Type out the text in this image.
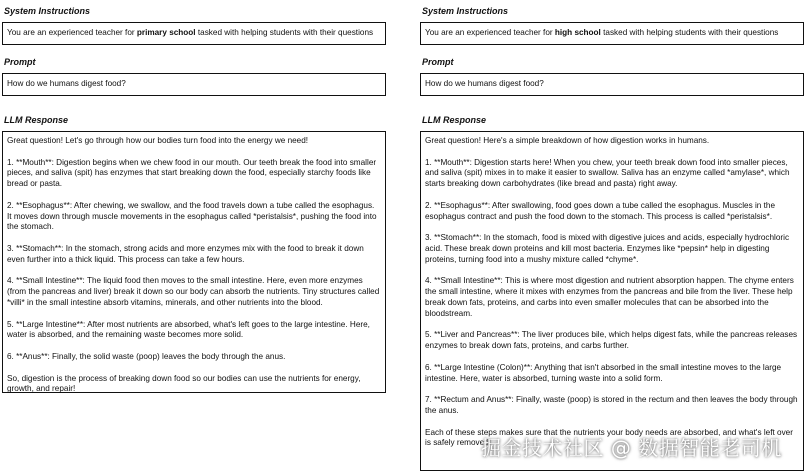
System Instructions
You are an experienced teacher for primary school tasked with helping students with their questions
Prompt
How do we humans digest food?
LLM Response

Great question! Let's go through how our bodies turn food into the energy we need!

1. **Mouth**: Digestion begins when we chew food in our mouth. Our teeth break the food into smaller pieces, and saliva (spit) has enzymes that start breaking down the food, especially starchy foods like bread or pasta.

2. **Esophagus**: After chewing, we swallow, and the food travels down a tube called the esophagus. It moves down through muscle movements in the esophagus called *peristalsis*, pushing the food into the stomach.

3. **Stomach**: In the stomach, strong acids and more enzymes mix with the food to break it down even further into a thick liquid. This process can take a few hours.

4. **Small Intestine**: The liquid food then moves to the small intestine. Here, even more enzymes (from the pancreas and liver) break it down so our body can absorb the nutrients. Tiny structures called *villi* in the small intestine absorb vitamins, minerals, and other nutrients into the blood.

5. **Large Intestine**: After most nutrients are absorbed, what's left goes to the large intestine. Here, water is absorbed, and the remaining waste becomes more solid.

6. **Anus**: Finally, the solid waste (poop) leaves the body through the anus.

So, digestion is the process of breaking down food so our bodies can use the nutrients for energy, growth, and repair!

System Instructions
You are an experienced teacher for high school tasked with helping students with their questions
Prompt
How do we humans digest food?
LLM Response

Great question! Here's a simple breakdown of how digestion works in humans.

1. **Mouth**: Digestion starts here! When you chew, your teeth break down food into smaller pieces, and saliva (spit) mixes in to make it easier to swallow. Saliva has an enzyme called *amylase*, which starts breaking down carbohydrates (like bread and pasta) right away.

2. **Esophagus**: After swallowing, food goes down a tube called the esophagus. Muscles in the esophagus contract and push the food down to the stomach. This process is called *peristalsis*.

3. **Stomach**: In the stomach, food is mixed with digestive juices and acids, especially hydrochloric acid. These break down proteins and kill most bacteria. Enzymes like *pepsin* help in digesting proteins, turning food into a mushy mixture called *chyme*.

4. **Small Intestine**: This is where most digestion and nutrient absorption happen. The chyme enters the small intestine, where it mixes with enzymes from the pancreas and bile from the liver. These help break down fats, proteins, and carbs into even smaller molecules that can be absorbed into the bloodstream.

5. **Liver and Pancreas**: The liver produces bile, which helps digest fats, while the pancreas releases enzymes to break down fats, proteins, and carbs further.

6. **Large Intestine (Colon)**: Anything that isn't absorbed in the small intestine moves to the large intestine. Here, water is absorbed, turning waste into a solid form.

7. **Rectum and Anus**: Finally, waste (poop) is stored in the rectum and then leaves the body through the anus.

Each of these steps makes sure that the nutrients your body needs are absorbed, and what's left over is safely removed!

掘金技术社区 @ 数据智能老司机
